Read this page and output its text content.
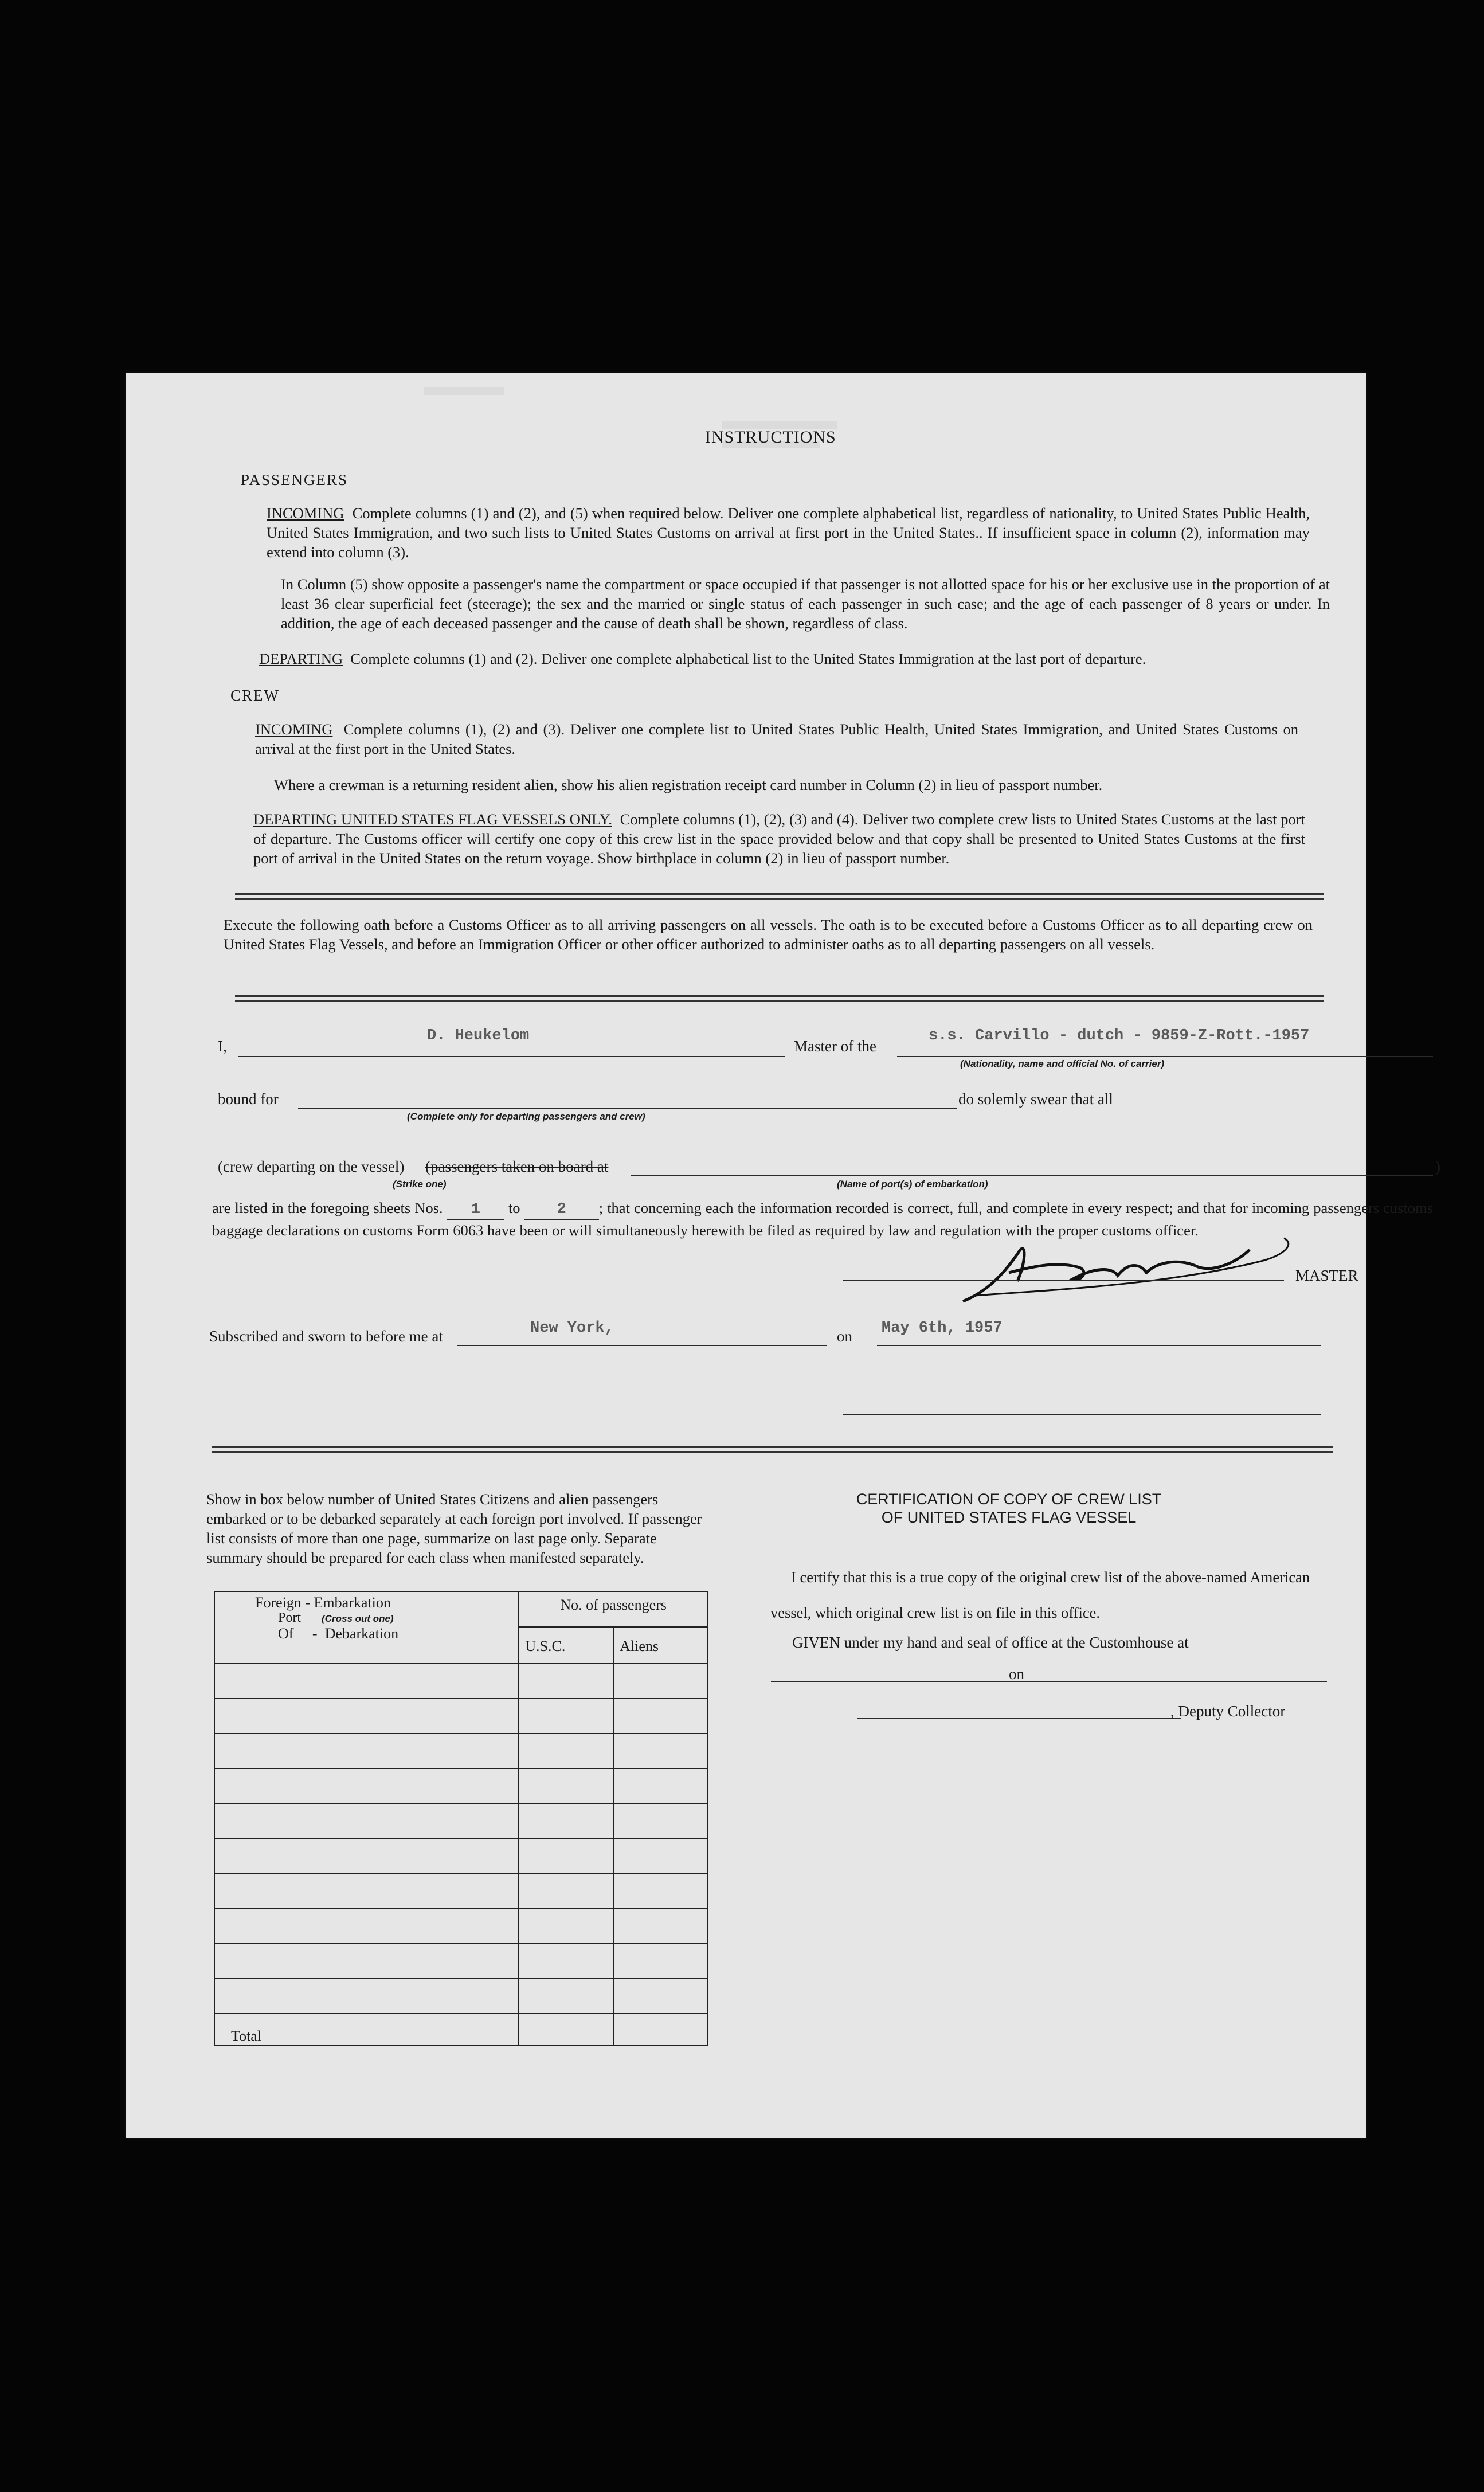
INSTRUCTIONS
PASSENGERS
INCOMING Complete columns (1) and (2), and (5) when required below. Deliver one complete alphabetical list, regardless of nationality, to United States Public Health, United States Immigration, and two such lists to United States Customs on arrival at first port in the United States.. If insufficient space in column (2), information may extend into column (3).
In Column (5) show opposite a passenger's name the compartment or space occupied if that passenger is not allotted space for his or her exclusive use in the proportion of at least 36 clear superficial feet (steerage); the sex and the married or single status of each passenger in such case; and the age of each passenger of 8 years or under. In addition, the age of each deceased passenger and the cause of death shall be shown, regardless of class.
DEPARTING Complete columns (1) and (2). Deliver one complete alphabetical list to the United States Immigration at the last port of departure.
CREW
INCOMING Complete columns (1), (2) and (3). Deliver one complete list to United States Public Health, United States Immigration, and United States Customs on arrival at the first port in the United States.
Where a crewman is a returning resident alien, show his alien registration receipt card number in Column (2) in lieu of passport number.
DEPARTING UNITED STATES FLAG VESSELS ONLY. Complete columns (1), (2), (3) and (4). Deliver two complete crew lists to United States Customs at the last port of departure. The Customs officer will certify one copy of this crew list in the space provided below and that copy shall be presented to United States Customs at the first port of arrival in the United States on the return voyage. Show birthplace in column (2) in lieu of passport number.
Execute the following oath before a Customs Officer as to all arriving passengers on all vessels. The oath is to be executed before a Customs Officer as to all departing crew on United States Flag Vessels, and before an Immigration Officer or other officer authorized to administer oaths as to all departing passengers on all vessels.
I,
D. Heukelom
Master of the
s.s. Carvillo - dutch - 9859-Z-Rott.-1957
(Nationality, name and official No. of carrier)
bound for
(Complete only for departing passengers and crew)
do solemly swear that all
(crew departing on the vessel) (passengers taken on board at	)
(Strike one)	(Name of port(s) of embarkation)
are listed in the foregoing sheets Nos. 1 to 2 ; that concerning each the information recorded is correct, full, and complete in every respect; and that for incoming passengers customs baggage declarations on customs Form 6063 have been or will simultaneously herewith be filed as required by law and regulation with the proper customs officer.
MASTER
Subscribed and sworn to before me at	New York,	on May 6th, 1957
Show in box below number of United States Citizens and alien passengers embarked or to be debarked separately at each foreign port involved. If passenger list consists of more than one page, summarize on last page only. Separate summary should be prepared for each class when manifested separately.
Foreign - Embarkation
Port (Cross out one)
Of     -  Debarkation	No. of passengers	
	U.S.C.	Aliens

Total		
CERTIFICATION OF COPY OF CREW LIST
OF UNITED STATES FLAG VESSEL
I certify that this is a true copy of the original crew list of the above-named American vessel, which original crew list is on file in this office.
GIVEN under my hand and seal of office at the Customhouse at
on
, Deputy Collector
